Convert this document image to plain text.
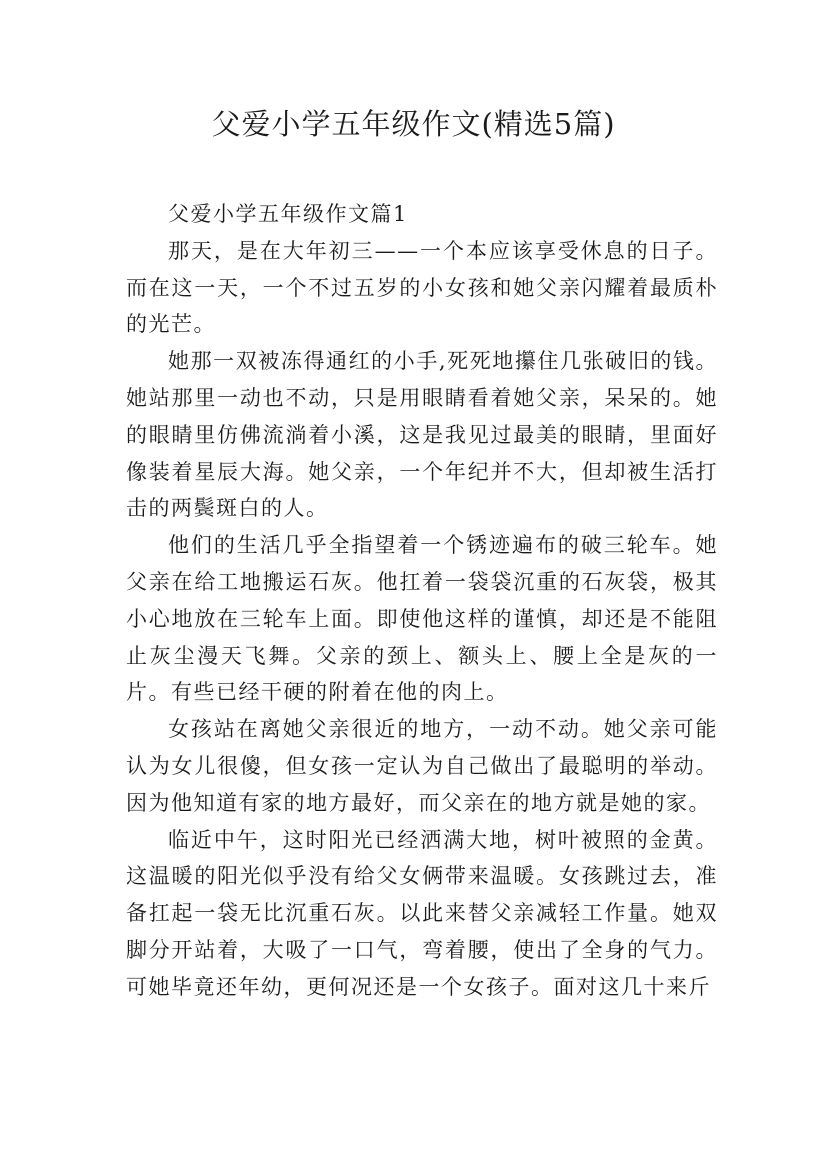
父爱小学五年级作文(精选5篇)

父爱小学五年级作文篇1

那天，是在大年初三——一个本应该享受休息的日子。而在这一天，一个不过五岁的小女孩和她父亲闪耀着最质朴的光芒。

她那一双被冻得通红的小手,死死地攥住几张破旧的钱。她站那里一动也不动，只是用眼睛看着她父亲，呆呆的。她的眼睛里仿佛流淌着小溪，这是我见过最美的眼睛，里面好像装着星辰大海。她父亲，一个年纪并不大，但却被生活打击的两鬓斑白的人。

他们的生活几乎全指望着一个锈迹遍布的破三轮车。她父亲在给工地搬运石灰。他扛着一袋袋沉重的石灰袋，极其小心地放在三轮车上面。即使他这样的谨慎，却还是不能阻止灰尘漫天飞舞。父亲的颈上、额头上、腰上全是灰的一片。有些已经干硬的附着在他的肉上。

女孩站在离她父亲很近的地方，一动不动。她父亲可能认为女儿很傻，但女孩一定认为自己做出了最聪明的举动。因为他知道有家的地方最好，而父亲在的地方就是她的家。

临近中午，这时阳光已经洒满大地，树叶被照的金黄。这温暖的阳光似乎没有给父女俩带来温暖。女孩跳过去，准备扛起一袋无比沉重石灰。以此来替父亲减轻工作量。她双脚分开站着，大吸了一口气，弯着腰，使出了全身的气力。可她毕竟还年幼，更何况还是一个女孩子。面对这几十来斤
